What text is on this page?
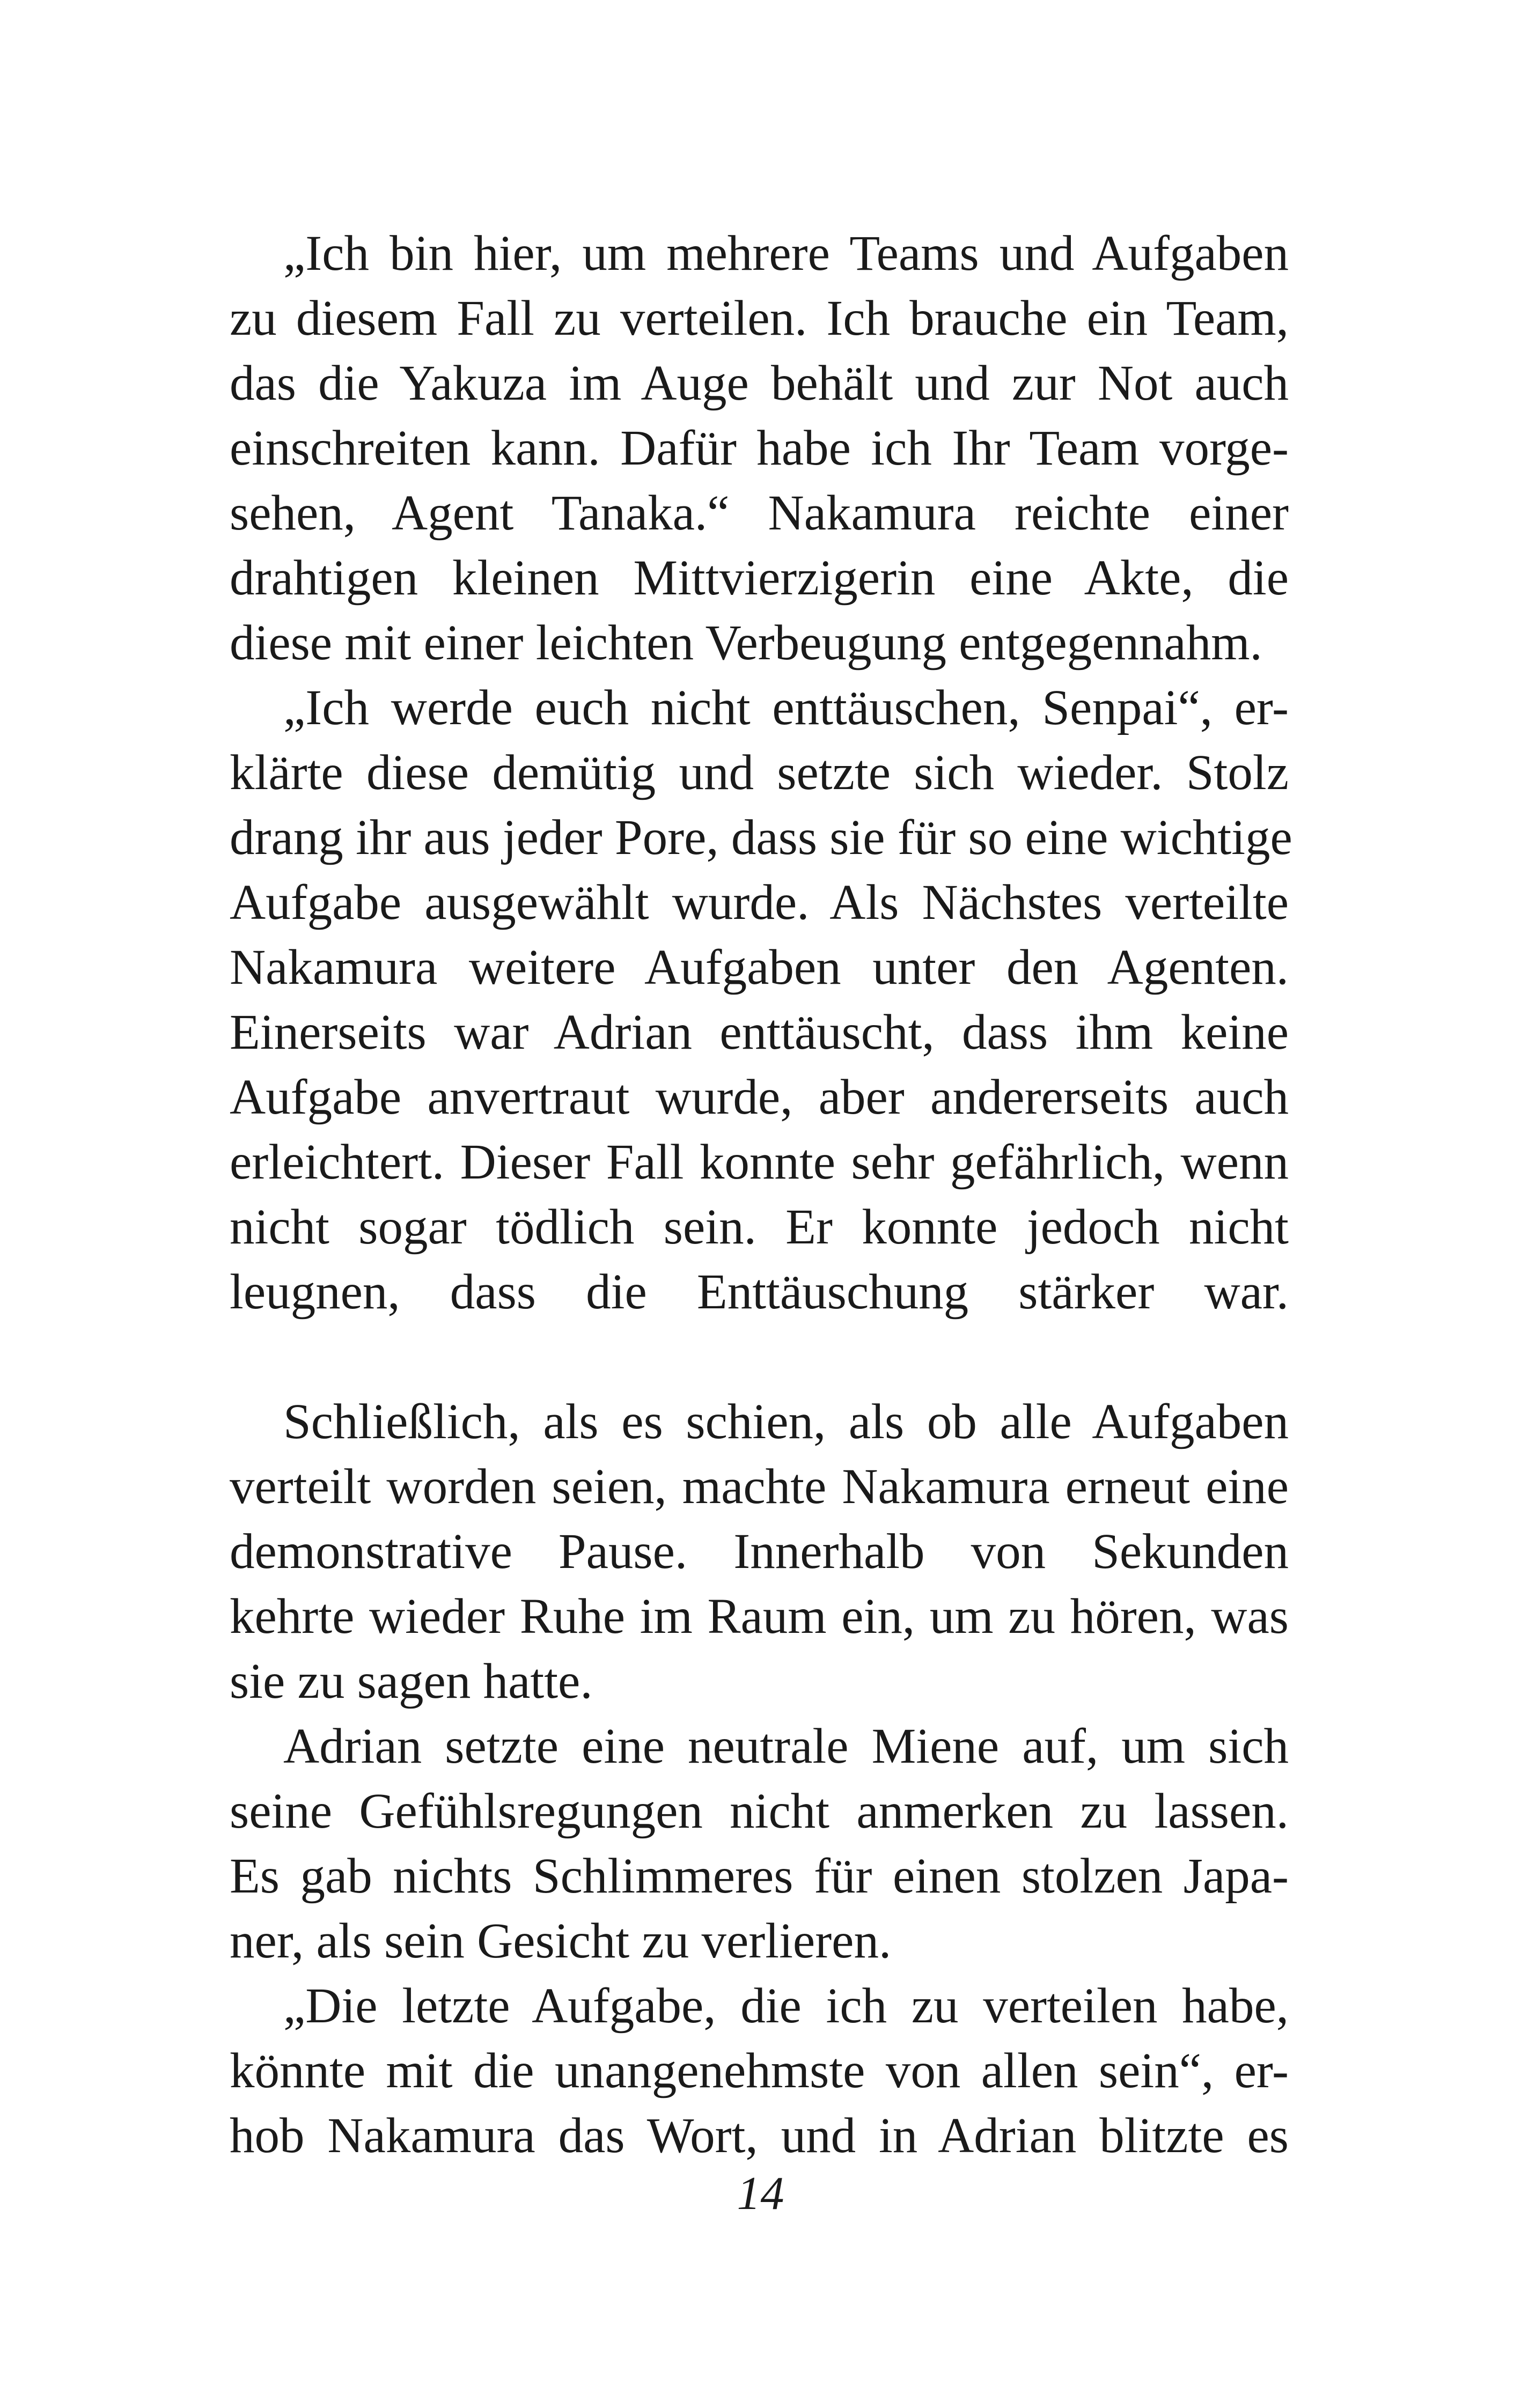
„Ich bin hier, um mehrere Teams und Aufgaben
zu diesem Fall zu verteilen. Ich brauche ein Team,
das die Yakuza im Auge behält und zur Not auch
einschreiten kann. Dafür habe ich Ihr Team vorge-
sehen, Agent Tanaka.“ Nakamura reichte einer
drahtigen kleinen Mittvierzigerin eine Akte, die
diese mit einer leichten Verbeugung entgegennahm.
„Ich werde euch nicht enttäuschen, Senpai“, er-
klärte diese demütig und setzte sich wieder. Stolz
drang ihr aus jeder Pore, dass sie für so eine wichtige
Aufgabe ausgewählt wurde. Als Nächstes verteilte
Nakamura weitere Aufgaben unter den Agenten.
Einerseits war Adrian enttäuscht, dass ihm keine
Aufgabe anvertraut wurde, aber andererseits auch
erleichtert. Dieser Fall konnte sehr gefährlich, wenn
nicht sogar tödlich sein. Er konnte jedoch nicht
leugnen, dass die Enttäuschung stärker war.
Schließlich, als es schien, als ob alle Aufgaben
verteilt worden seien, machte Nakamura erneut eine
demonstrative Pause. Innerhalb von Sekunden
kehrte wieder Ruhe im Raum ein, um zu hören, was
sie zu sagen hatte.
Adrian setzte eine neutrale Miene auf, um sich
seine Gefühlsregungen nicht anmerken zu lassen.
Es gab nichts Schlimmeres für einen stolzen Japa-
ner, als sein Gesicht zu verlieren.
„Die letzte Aufgabe, die ich zu verteilen habe,
könnte mit die unangenehmste von allen sein“, er-
hob Nakamura das Wort, und in Adrian blitzte es
14
